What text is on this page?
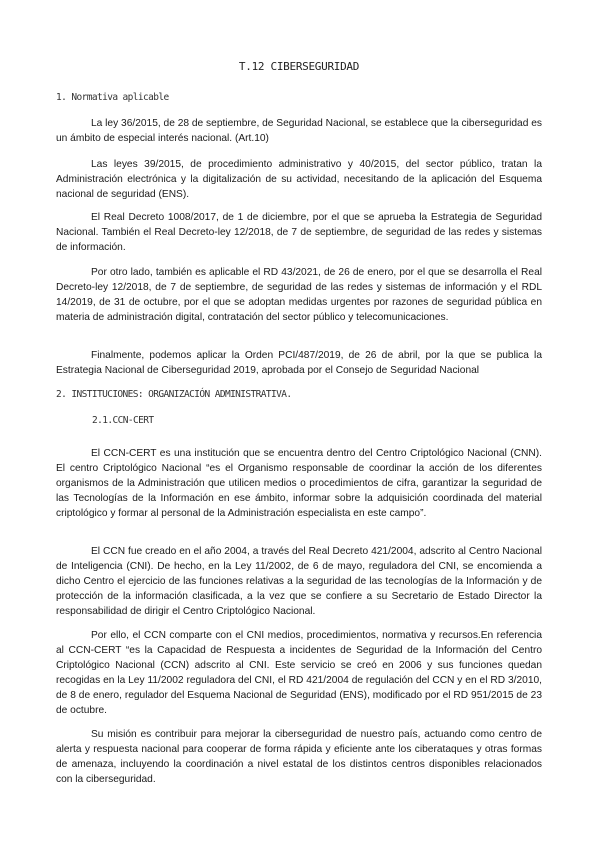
T.12 CIBERSEGURIDAD
1. Normativa aplicable

La ley 36/2015, de 28 de septiembre, de Seguridad Nacional, se establece que la ciberseguridad es un ámbito de especial interés nacional. (Art.10)

Las leyes 39/2015, de procedimiento administrativo y 40/2015, del sector público, tratan la Administración electrónica y la digitalización de su actividad, necesitando de la aplicación del Esquema nacional de seguridad (ENS).

El Real Decreto 1008/2017, de 1 de diciembre, por el que se aprueba la Estrategia de Seguridad Nacional. También el Real Decreto-ley 12/2018, de 7 de septiembre, de seguridad de las redes y sistemas de información.

Por otro lado, también es aplicable el RD 43/2021, de 26 de enero, por el que se desarrolla el Real Decreto-ley 12/2018, de 7 de septiembre, de seguridad de las redes y sistemas de información y el RDL 14/2019, de 31 de octubre, por el que se adoptan medidas urgentes por razones de seguridad pública en materia de administración digital, contratación del sector público y telecomunicaciones.

Finalmente, podemos aplicar la Orden PCI/487/2019, de 26 de abril, por la que se publica la Estrategia Nacional de Ciberseguridad 2019, aprobada por el Consejo de Seguridad Nacional

2. INSTITUCIONES: ORGANIZACIÓN ADMINISTRATIVA.
2.1.CCN-CERT

El CCN-CERT es una institución que se encuentra dentro del Centro Criptológico Nacional (CNN). El centro Criptológico Nacional “es el Organismo responsable de coordinar la acción de los diferentes organismos de la Administración que utilicen medios o procedimientos de cifra, garantizar la seguridad de las Tecnologías de la Información en ese ámbito, informar sobre la adquisición coordinada del material criptológico y formar al personal de la Administración especialista en este campo”.

El CCN fue creado en el año 2004, a través del Real Decreto 421/2004, adscrito al Centro Nacional de Inteligencia (CNI). De hecho, en la Ley 11/2002, de 6 de mayo, reguladora del CNI, se encomienda a dicho Centro el ejercicio de las funciones relativas a la seguridad de las tecnologías de la Información y de protección de la información clasificada, a la vez que se confiere a su Secretario de Estado Director la responsabilidad de dirigir el Centro Criptológico Nacional.

Por ello, el CCN comparte con el CNI medios, procedimientos, normativa y recursos.En referencia al CCN-CERT “es la Capacidad de Respuesta a incidentes de Seguridad de la Información del Centro Criptológico Nacional (CCN) adscrito al CNI. Este servicio se creó en 2006 y sus funciones quedan recogidas en la Ley 11/2002 reguladora del CNI, el RD 421/2004 de regulación del CCN y en el RD 3/2010, de 8 de enero, regulador del Esquema Nacional de Seguridad (ENS), modificado por el RD 951/2015 de 23 de octubre.

Su misión es contribuir para mejorar la ciberseguridad de nuestro país, actuando como centro de alerta y respuesta nacional para cooperar de forma rápida y eficiente ante los ciberataques y otras formas de amenaza, incluyendo la coordinación a nivel estatal de los distintos centros disponibles relacionados con la ciberseguridad.
